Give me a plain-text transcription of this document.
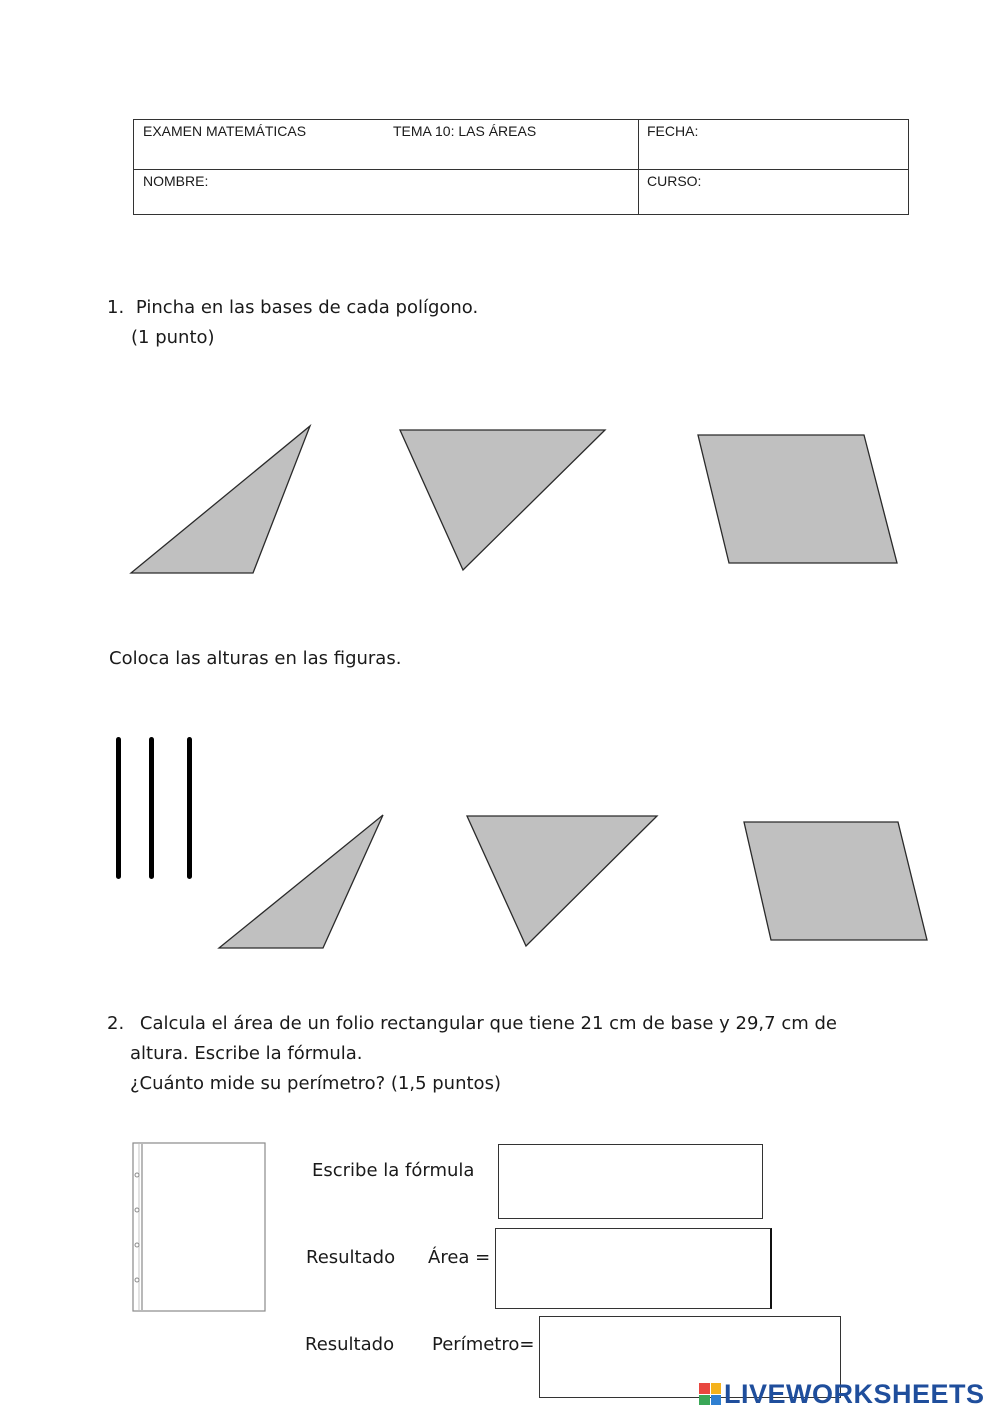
EXAMEN MATEMÁTICAS	TEMA 10: LAS ÁREAS	FECHA:
NOMBRE:	CURSO:
1. Pincha en las bases de cada polígono.
(1 punto)
Coloca las alturas en las figuras.
2. Calcula el área de un folio rectangular que tiene 21 cm de base y 29,7 cm de
altura. Escribe la fórmula.
¿Cuánto mide su perímetro? (1,5 puntos)
Escribe la fórmula
Resultado Área =
Resultado Perímetro=
LIVEWORKSHEETS
